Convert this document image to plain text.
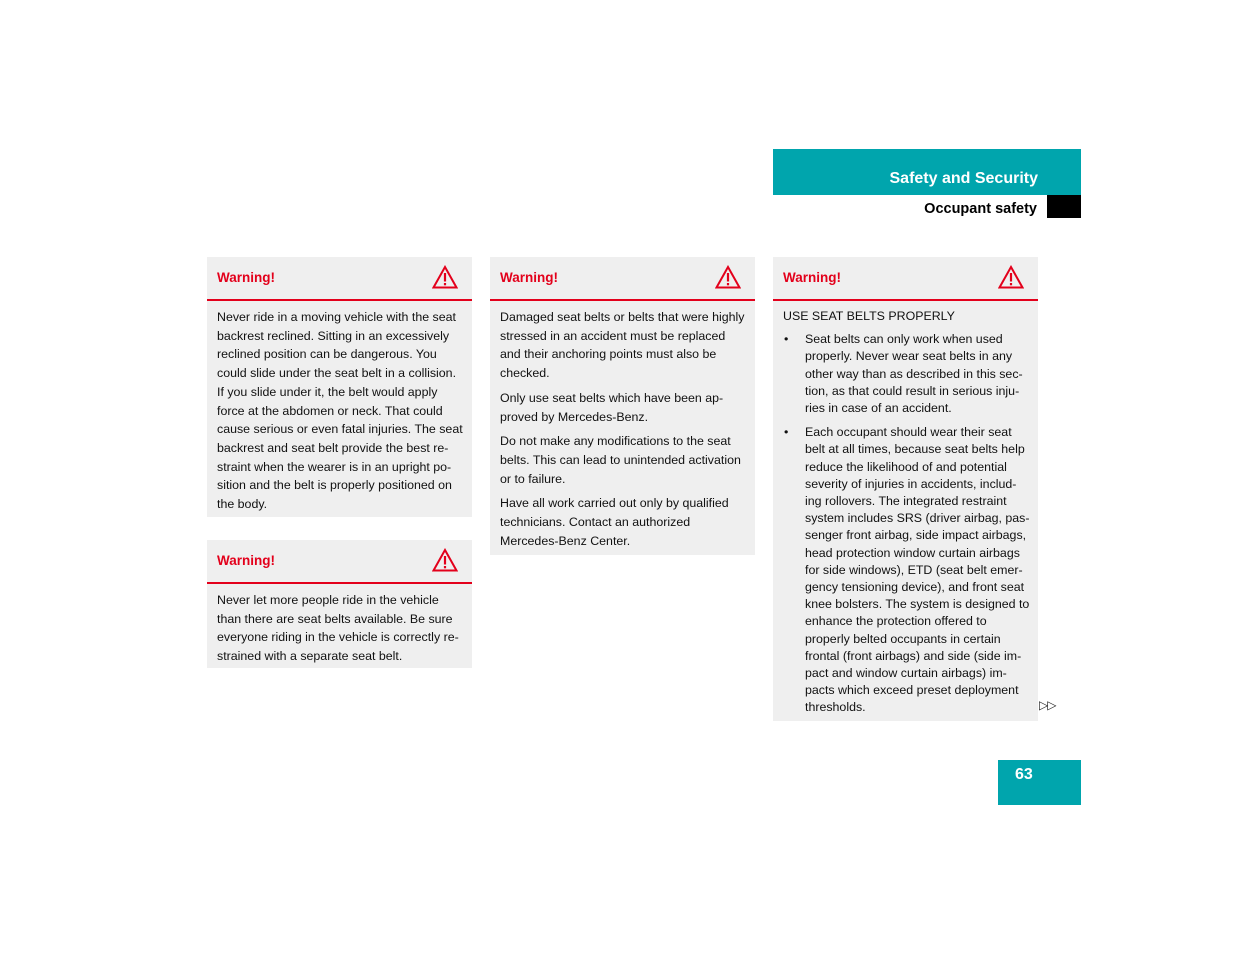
Safety and Security
Occupant safety
Warning!

Never ride in a moving vehicle with the seat backrest reclined. Sitting in an excessively reclined position can be dangerous. You could slide under the seat belt in a collision. If you slide under it, the belt would apply force at the abdomen or neck. That could cause serious or even fatal injuries. The seat backrest and seat belt provide the best re-straint when the wearer is in an upright po-sition and the belt is properly positioned on the body.

Warning!

Never let more people ride in the vehicle than there are seat belts available. Be sure everyone riding in the vehicle is correctly re-strained with a separate seat belt.

Warning!

Damaged seat belts or belts that were highly stressed in an accident must be replaced and their anchoring points must also be checked.

Only use seat belts which have been ap-proved by Mercedes-Benz.

Do not make any modifications to the seat belts. This can lead to unintended activation or to failure.

Have all work carried out only by qualified technicians. Contact an authorized Mercedes-Benz Center.

Warning!

USE SEAT BELTS PROPERLY

• Seat belts can only work when used properly. Never wear seat belts in any other way than as described in this sec-tion, as that could result in serious inju-ries in case of an accident.
• Each occupant should wear their seat belt at all times, because seat belts help reduce the likelihood of and potential severity of injuries in accidents, includ-ing rollovers. The integrated restraint system includes SRS (driver airbag, pas-senger front airbag, side impact airbags, head protection window curtain airbags for side windows), ETD (seat belt emer-gency tensioning device), and front seat knee bolsters. The system is designed to enhance the protection offered to properly belted occupants in certain frontal (front airbags) and side (side im-pact and window curtain airbags) im-pacts which exceed preset deployment thresholds.	▷▷
63
